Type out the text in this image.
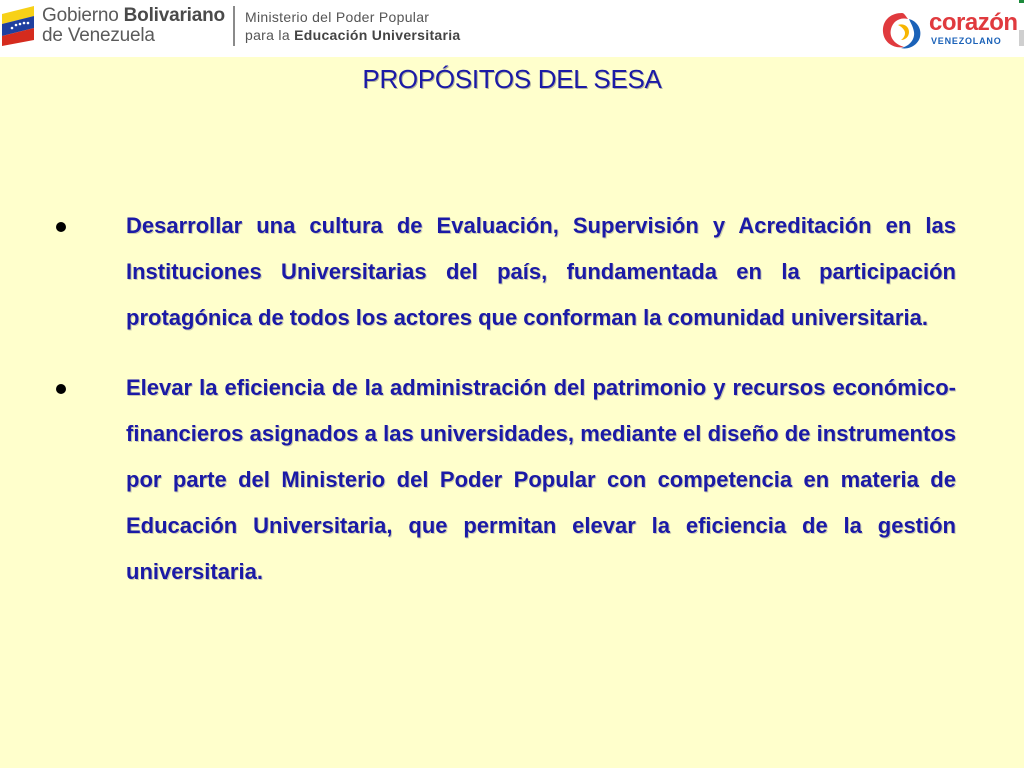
Gobierno Bolivariano
de Venezuela
Ministerio del Poder Popular
para la Educación Universitaria	corazón
VENEZOLANO
PROPÓSITOS DEL SESA
Desarrollar una cultura de Evaluación, Supervisión y Acreditación en las Instituciones Universitarias del país, fundamentada en la participación protagónica de todos los actores que conforman la comunidad universitaria.
Elevar la eficiencia de la administración del patrimonio y recursos económico-financieros asignados a las universidades, mediante el diseño de instrumentos por parte del Ministerio del Poder Popular con competencia en materia de Educación Universitaria, que permitan elevar la eficiencia de la gestión universitaria.
